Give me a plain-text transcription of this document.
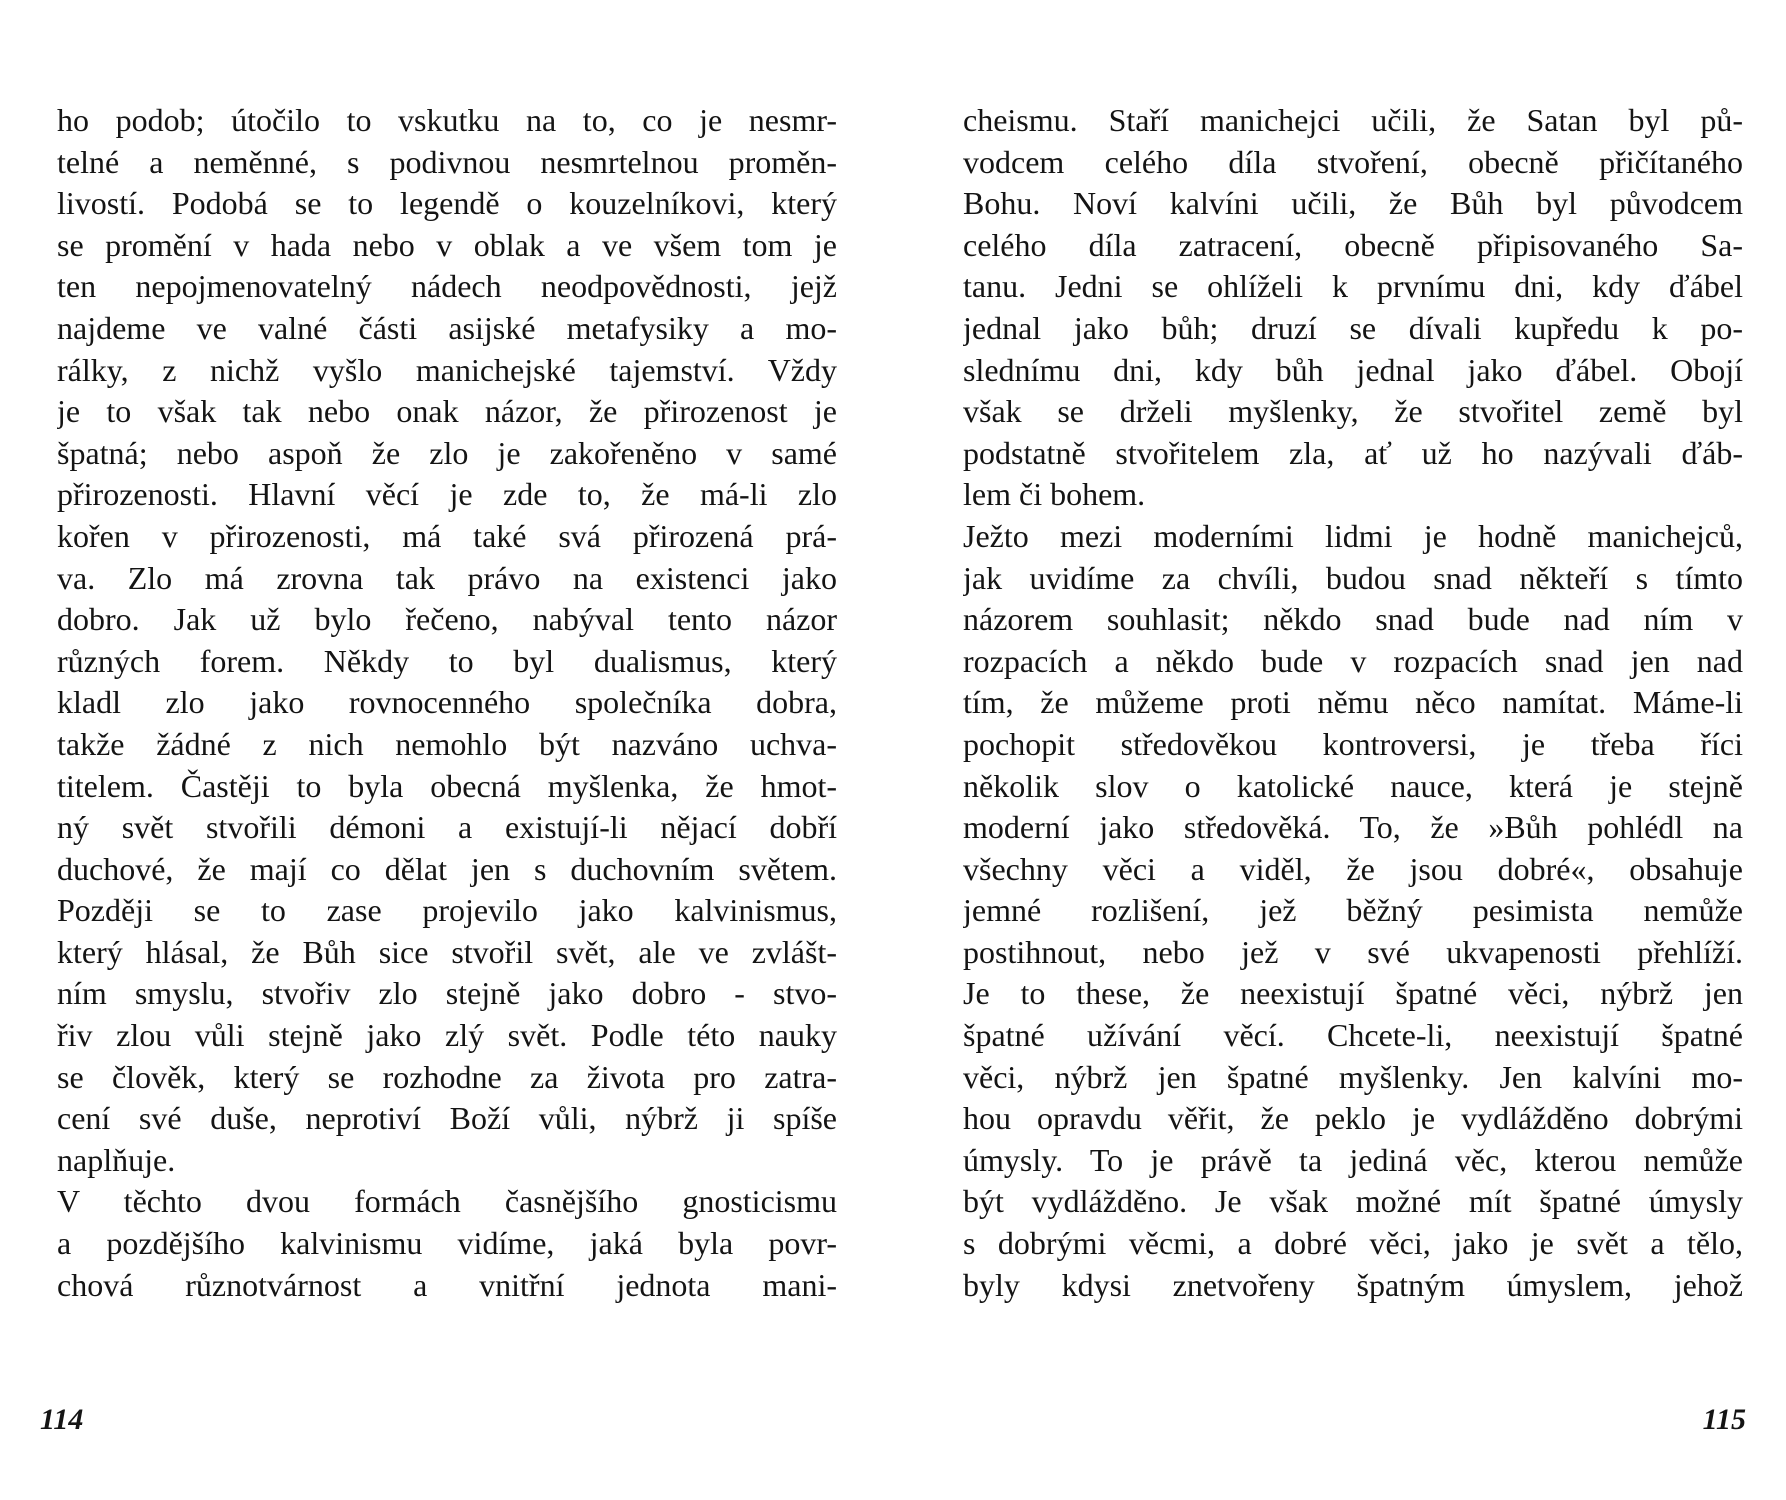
ho podob; útočilo to vskutku na to, co je nesmr-
telné a neměnné, s podivnou nesmrtelnou proměn-
livostí. Podobá se to legendě o kouzelníkovi, který
se promění v hada nebo v oblak a ve všem tom je
ten nepojmenovatelný nádech neodpovědnosti, jejž
najdeme ve valné části asijské metafysiky a mo-
rálky, z nichž vyšlo manichejské tajemství. Vždy
je to však tak nebo onak názor, že přirozenost je
špatná; nebo aspoň že zlo je zakořeněno v samé
přirozenosti. Hlavní věcí je zde to, že má-li zlo
kořen v přirozenosti, má také svá přirozená prá-
va. Zlo má zrovna tak právo na existenci jako
dobro. Jak už bylo řečeno, nabýval tento názor
různých forem. Někdy to byl dualismus, který
kladl zlo jako rovnocenného společníka dobra,
takže žádné z nich nemohlo být nazváno uchva-
titelem. Častěji to byla obecná myšlenka, že hmot-
ný svět stvořili démoni a existují-li nějací dobří
duchové, že mají co dělat jen s duchovním světem.
Později se to zase projevilo jako kalvinismus,
který hlásal, že Bůh sice stvořil svět, ale ve zvlášt-
ním smyslu, stvořiv zlo stejně jako dobro - stvo-
řiv zlou vůli stejně jako zlý svět. Podle této nauky
se člověk, který se rozhodne za života pro zatra-
cení své duše, neprotiví Boží vůli, nýbrž ji spíše
naplňuje.
V těchto dvou formách časnějšího gnosticismu
a pozdějšího kalvinismu vidíme, jaká byla povr-
chová různotvárnost a vnitřní jednota mani-
114
cheismu. Staří manichejci učili, že Satan byl pů-
vodcem celého díla stvoření, obecně přičítaného
Bohu. Noví kalvíni učili, že Bůh byl původcem
celého díla zatracení, obecně připisovaného Sa-
tanu. Jedni se ohlíželi k prvnímu dni, kdy ďábel
jednal jako bůh; druzí se dívali kupředu k po-
slednímu dni, kdy bůh jednal jako ďábel. Obojí
však se drželi myšlenky, že stvořitel země byl
podstatně stvořitelem zla, ať už ho nazývali ďáb-
lem či bohem.
Ježto mezi moderními lidmi je hodně manichejců,
jak uvidíme za chvíli, budou snad někteří s tímto
názorem souhlasit; někdo snad bude nad ním v
rozpacích a někdo bude v rozpacích snad jen nad
tím, že můžeme proti němu něco namítat. Máme-li
pochopit středověkou kontroversi, je třeba říci
několik slov o katolické nauce, která je stejně
moderní jako středověká. To, že »Bůh pohlédl na
všechny věci a viděl, že jsou dobré«, obsahuje
jemné rozlišení, jež běžný pesimista nemůže
postihnout, nebo jež v své ukvapenosti přehlíží.
Je to these, že neexistují špatné věci, nýbrž jen
špatné užívání věcí. Chcete-li, neexistují špatné
věci, nýbrž jen špatné myšlenky. Jen kalvíni mo-
hou opravdu věřit, že peklo je vydlážděno dobrými
úmysly. To je právě ta jediná věc, kterou nemůže
být vydlážděno. Je však možné mít špatné úmysly
s dobrými věcmi, a dobré věci, jako je svět a tělo,
byly kdysi znetvořeny špatným úmyslem, jehož
115
